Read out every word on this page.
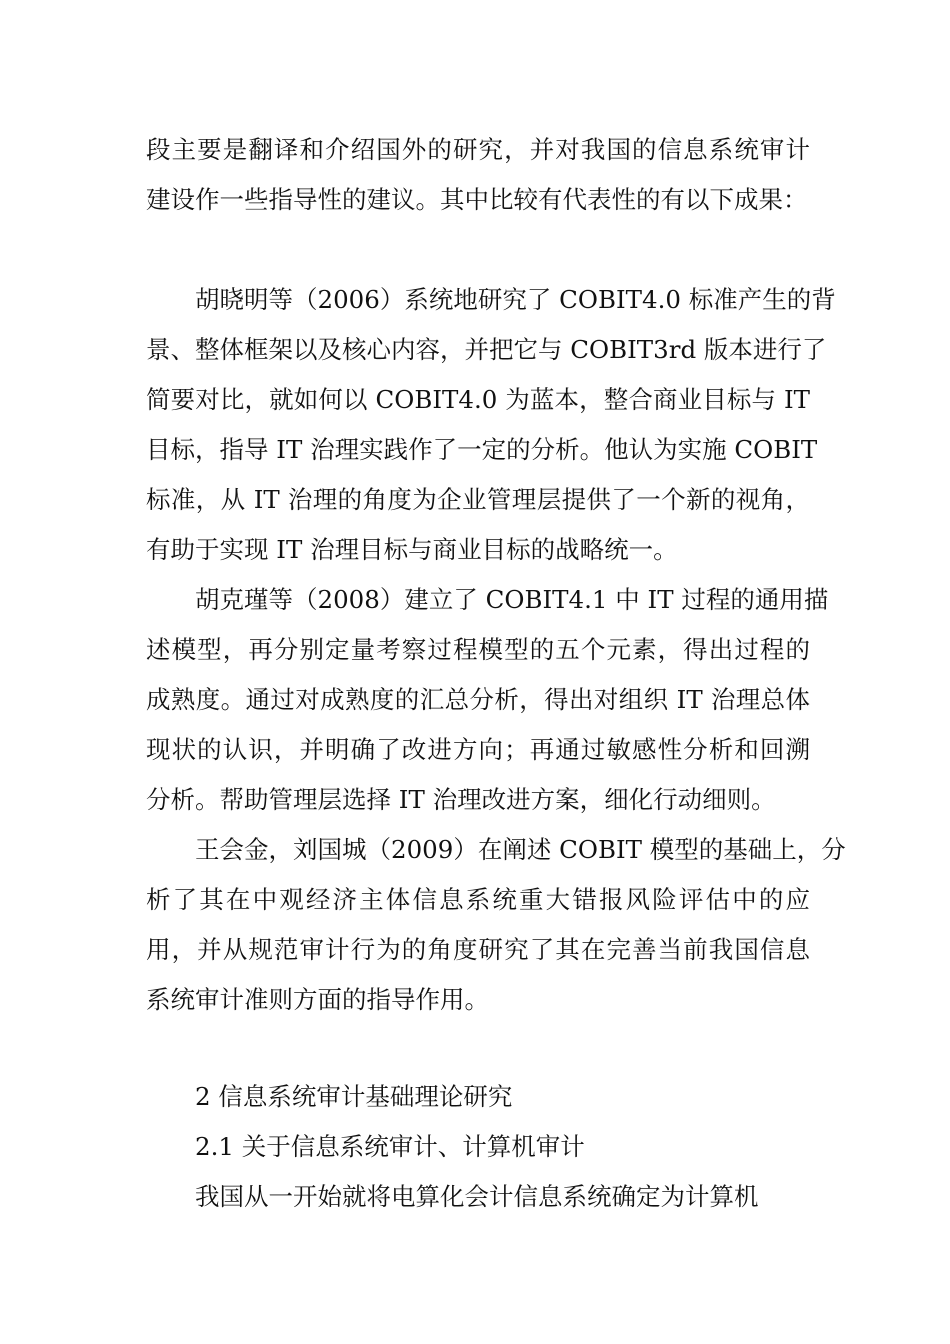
段主要是翻译和介绍国外的研究，并对我国的信息系统审计
建设作一些指导性的建议。其中比较有代表性的有以下成果：
胡晓明等（2006）系统地研究了 COBIT4.0 标准产生的背
景、整体框架以及核心内容，并把它与 COBIT3rd 版本进行了
简要对比，就如何以 COBIT4.0 为蓝本，整合商业目标与 IT
目标，指导 IT 治理实践作了一定的分析。他认为实施 COBIT
标准，从 IT 治理的角度为企业管理层提供了一个新的视角，
有助于实现 IT 治理目标与商业目标的战略统一。
胡克瑾等（2008）建立了 COBIT4.1 中 IT 过程的通用描
述模型，再分别定量考察过程模型的五个元素，得出过程的
成熟度。通过对成熟度的汇总分析，得出对组织 IT 治理总体
现状的认识，并明确了改进方向；再通过敏感性分析和回溯
分析。帮助管理层选择 IT 治理改进方案，细化行动细则。
王会金，刘国城（2009）在阐述 COBIT 模型的基础上，分
析了其在中观经济主体信息系统重大错报风险评估中的应
用，并从规范审计行为的角度研究了其在完善当前我国信息
系统审计准则方面的指导作用。
2 信息系统审计基础理论研究
2.1 关于信息系统审计、计算机审计
我国从一开始就将电算化会计信息系统确定为计算机
